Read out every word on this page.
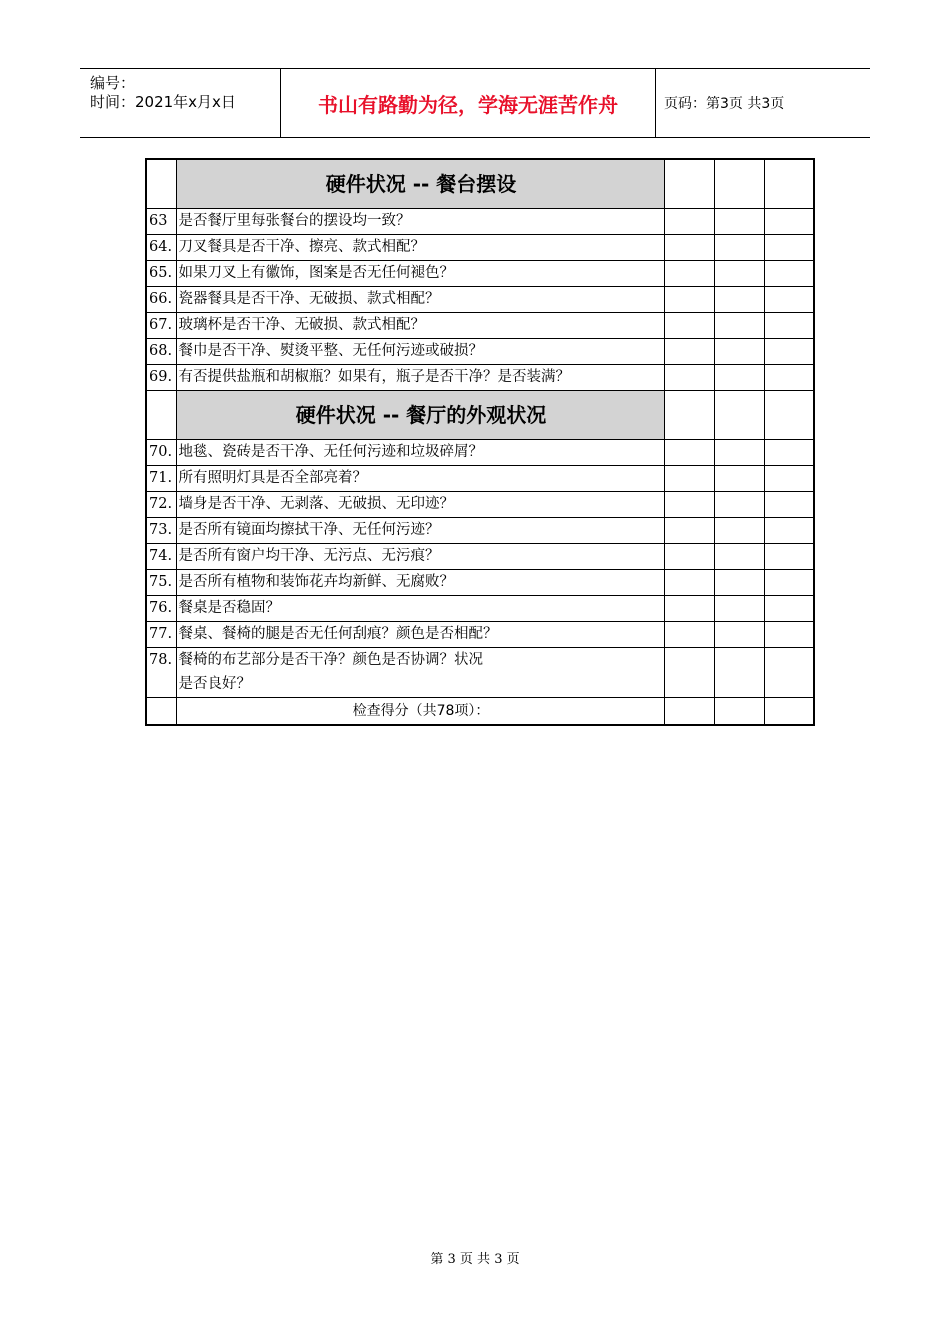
编号：
时间：2021年x月x日	书山有路勤为径，学海无涯苦作舟	页码：第3页 共3页
	硬件状况 -- 餐台摆设			
63	是否餐厅里每张餐台的摆设均一致？			
64.	刀叉餐具是否干净、擦亮、款式相配？			
65.	如果刀叉上有徽饰，图案是否无任何褪色？			
66.	瓷器餐具是否干净、无破损、款式相配？			
67.	玻璃杯是否干净、无破损、款式相配？			
68.	餐巾是否干净、熨烫平整、无任何污迹或破损？			
69.	有否提供盐瓶和胡椒瓶？如果有，瓶子是否干净？是否装满？			
	硬件状况 -- 餐厅的外观状况			
70.	地毯、瓷砖是否干净、无任何污迹和垃圾碎屑？			
71.	所有照明灯具是否全部亮着？			
72.	墙身是否干净、无剥落、无破损、无印迹？			
73.	是否所有镜面均擦拭干净、无任何污迹？			
74.	是否所有窗户均干净、无污点、无污痕？			
75.	是否所有植物和装饰花卉均新鲜、无腐败？			
76.	餐桌是否稳固？			
77.	餐桌、餐椅的腿是否无任何刮痕？颜色是否相配？			
78.	餐椅的布艺部分是否干净？颜色是否协调？状况
是否良好？			
	检查得分（共78项）：			
第 3 页 共 3 页
